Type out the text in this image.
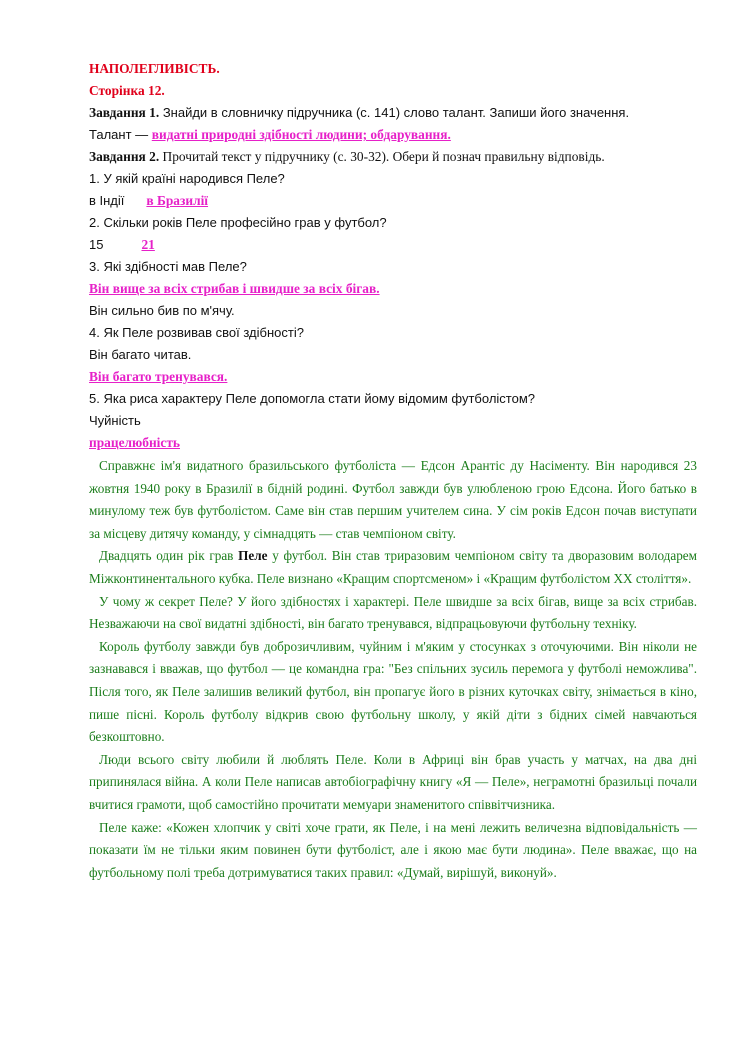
НАПОЛЕГЛИВІСТЬ.

Сторінка 12.

Завдання 1. Знайди в словничку підручника (с. 141) слово талант. Запиши його значення.

Талант — видатні природні здібності людини; обдарування.

Завдання 2. Прочитай текст у підручнику (с. 30-32). Обери й познач правильну відповідь.

1. У якій країні народився Пеле?

в Індії в Бразилії

2. Скільки років Пеле професійно грав у футбол?

15	21

3. Які здібності мав Пеле?

Він вище за всіх стрибав і швидше за всіх бігав.

Він сильно бив по м'ячу.

4. Як Пеле розвивав свої здібності?

Він багато читав.

Він багато тренувався.

5. Яка риса характеру Пеле допомогла стати йому відомим футболістом?

Чуйність

працелюбність

Справжнє ім'я видатного бразильського футболіста — Едсон Арантіс ду Насіменту. Він народився 23 жовтня 1940 року в Бразилії в бідній родині. Футбол завжди був улюбленою грою Едсона. Його батько в минулому теж був футболістом. Саме він став першим учителем сина. У сім років Едсон почав виступати за місцеву дитячу команду, у сімнадцять — став чемпіоном світу.

Двадцять один рік грав Пеле у футбол. Він став триразовим чемпіоном світу та дворазовим володарем Міжконтинентального кубка. Пеле визнано «Кращим спортсменом» і «Кращим футболістом XX століття».

У чому ж секрет Пеле? У його здібностях і характері. Пеле швидше за всіх бігав, вище за всіх стрибав. Незважаючи на свої видатні здібності, він багато тренувався, відпрацьовуючи футбольну техніку.

Король футболу завжди був доброзичливим, чуйним і м'яким у стосунках з оточуючими. Він ніколи не зазнавався і вважав, що футбол — це командна гра: "Без спільних зусиль перемога у футболі неможлива". Після того, як Пеле залишив великий футбол, він пропагує його в різних куточках світу, знімається в кіно, пише пісні. Король футболу відкрив свою футбольну школу, у якій діти з бідних сімей навчаються безкоштовно.

Люди всього світу любили й люблять Пеле. Коли в Африці він брав участь у матчах, на два дні припинялася війна. А коли Пеле написав автобіографічну книгу «Я — Пеле», неграмотні бразильці почали вчитися грамоти, щоб самостійно прочитати мемуари знаменитого співвітчизника.

Пеле каже: «Кожен хлопчик у світі хоче грати, як Пеле, і на мені лежить величезна відповідальність — показати їм не тільки яким повинен бути футболіст, але і якою має бути людина». Пеле вважає, що на футбольному полі треба дотримуватися таких правил: «Думай, вирішуй, виконуй».
